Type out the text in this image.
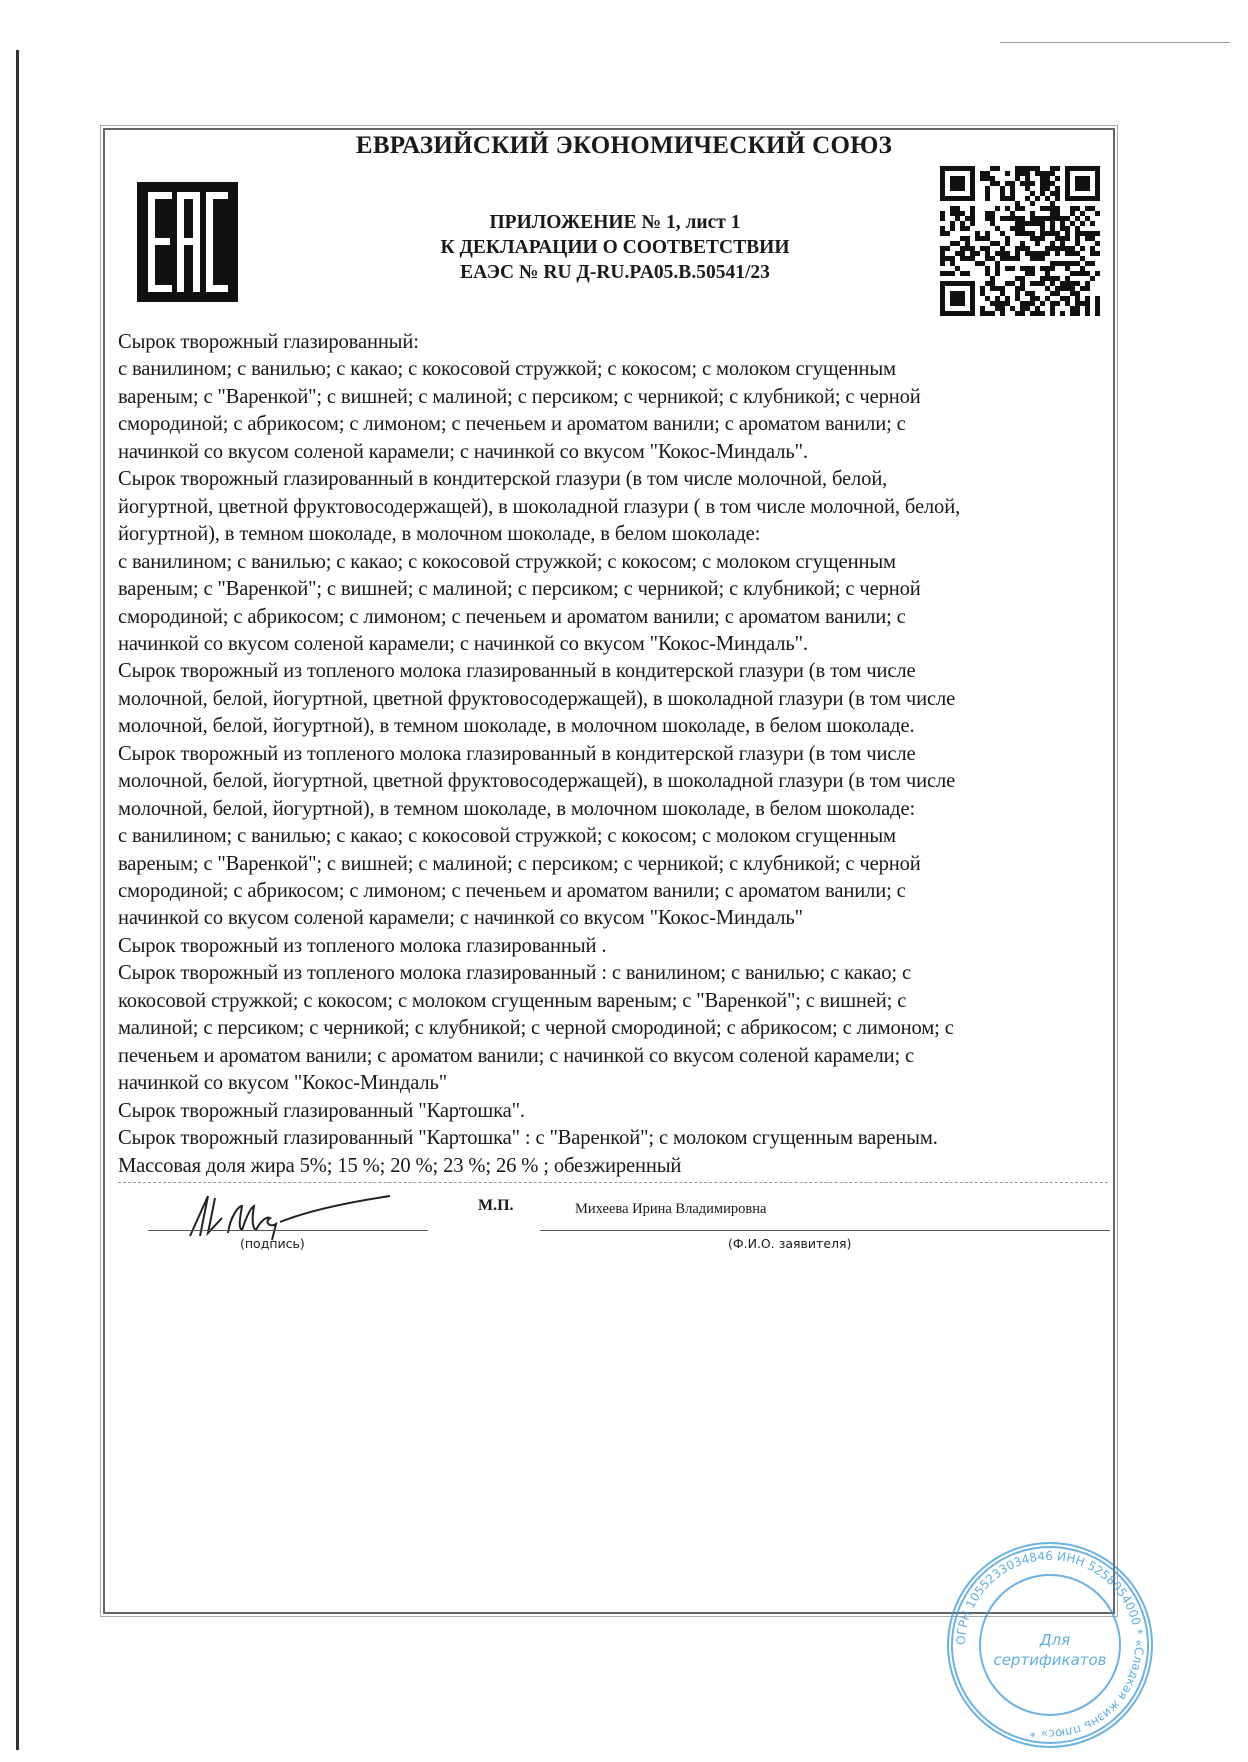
ЕВРАЗИЙСКИЙ ЭКОНОМИЧЕСКИЙ СОЮЗ
ПРИЛОЖЕНИЕ № 1, лист 1
К ДЕКЛАРАЦИИ О СООТВЕТСТВИИ
ЕАЭС № RU Д-RU.PA05.B.50541/23
Сырок творожный глазированный:
с ванилином; с ванилью; с какао; с кокосовой стружкой; с кокосом; с молоком сгущенным
вареным; с "Варенкой"; с вишней; с малиной; с персиком; с черникой; с клубникой; с черной
смородиной; с абрикосом; с лимоном; с печеньем и ароматом ванили; с ароматом ванили; с
начинкой со вкусом соленой карамели; с начинкой со вкусом "Кокос-Миндаль".
Сырок творожный глазированный в кондитерской глазури (в том числе молочной, белой,
йогуртной, цветной фруктовосодержащей), в шоколадной глазури ( в том числе молочной, белой,
йогуртной), в темном шоколаде, в молочном шоколаде, в белом шоколаде:
с ванилином; с ванилью; с какао; с кокосовой стружкой; с кокосом; с молоком сгущенным
вареным; с "Варенкой"; с вишней; с малиной; с персиком; с черникой; с клубникой; с черной
смородиной; с абрикосом; с лимоном; с печеньем и ароматом ванили; с ароматом ванили; с
начинкой со вкусом соленой карамели; с начинкой со вкусом "Кокос-Миндаль".
Сырок творожный из топленого молока глазированный в кондитерской глазури (в том числе
молочной, белой, йогуртной, цветной фруктовосодержащей), в шоколадной глазури (в том числе
молочной, белой, йогуртной), в темном шоколаде, в молочном шоколаде, в белом шоколаде.
Сырок творожный из топленого молока глазированный в кондитерской глазури (в том числе
молочной, белой, йогуртной, цветной фруктовосодержащей), в шоколадной глазури (в том числе
молочной, белой, йогуртной), в темном шоколаде, в молочном шоколаде, в белом шоколаде:
с ванилином; с ванилью; с какао; с кокосовой стружкой; с кокосом; с молоком сгущенным
вареным; с "Варенкой"; с вишней; с малиной; с персиком; с черникой; с клубникой; с черной
смородиной; с абрикосом; с лимоном; с печеньем и ароматом ванили; с ароматом ванили; с
начинкой со вкусом соленой карамели; с начинкой со вкусом "Кокос-Миндаль"
Сырок творожный из топленого молока глазированный .
Сырок творожный из топленого молока глазированный : с ванилином; с ванилью; с какао; с
кокосовой стружкой; с кокосом; с молоком сгущенным вареным; с "Варенкой"; с вишней; с
малиной; с персиком; с черникой; с клубникой; с черной смородиной; с абрикосом; с лимоном; с
печеньем и ароматом ванили; с ароматом ванили; с начинкой со вкусом соленой карамели; с
начинкой со вкусом "Кокос-Миндаль"
Сырок творожный глазированный "Картошка".
Сырок творожный глазированный "Картошка" : с "Варенкой"; с молоком сгущенным вареным.
Массовая доля жира 5%; 15 %; 20 %; 23 %; 26 % ; обезжиренный
(подпись)
М.П.	Михеева Ирина Владимировна
(Ф.И.О. заявителя)
ОГРН 1055233034846 ИНН 5258054000 * «Сладкая жизнь плюс» *
Для
сертификатов
